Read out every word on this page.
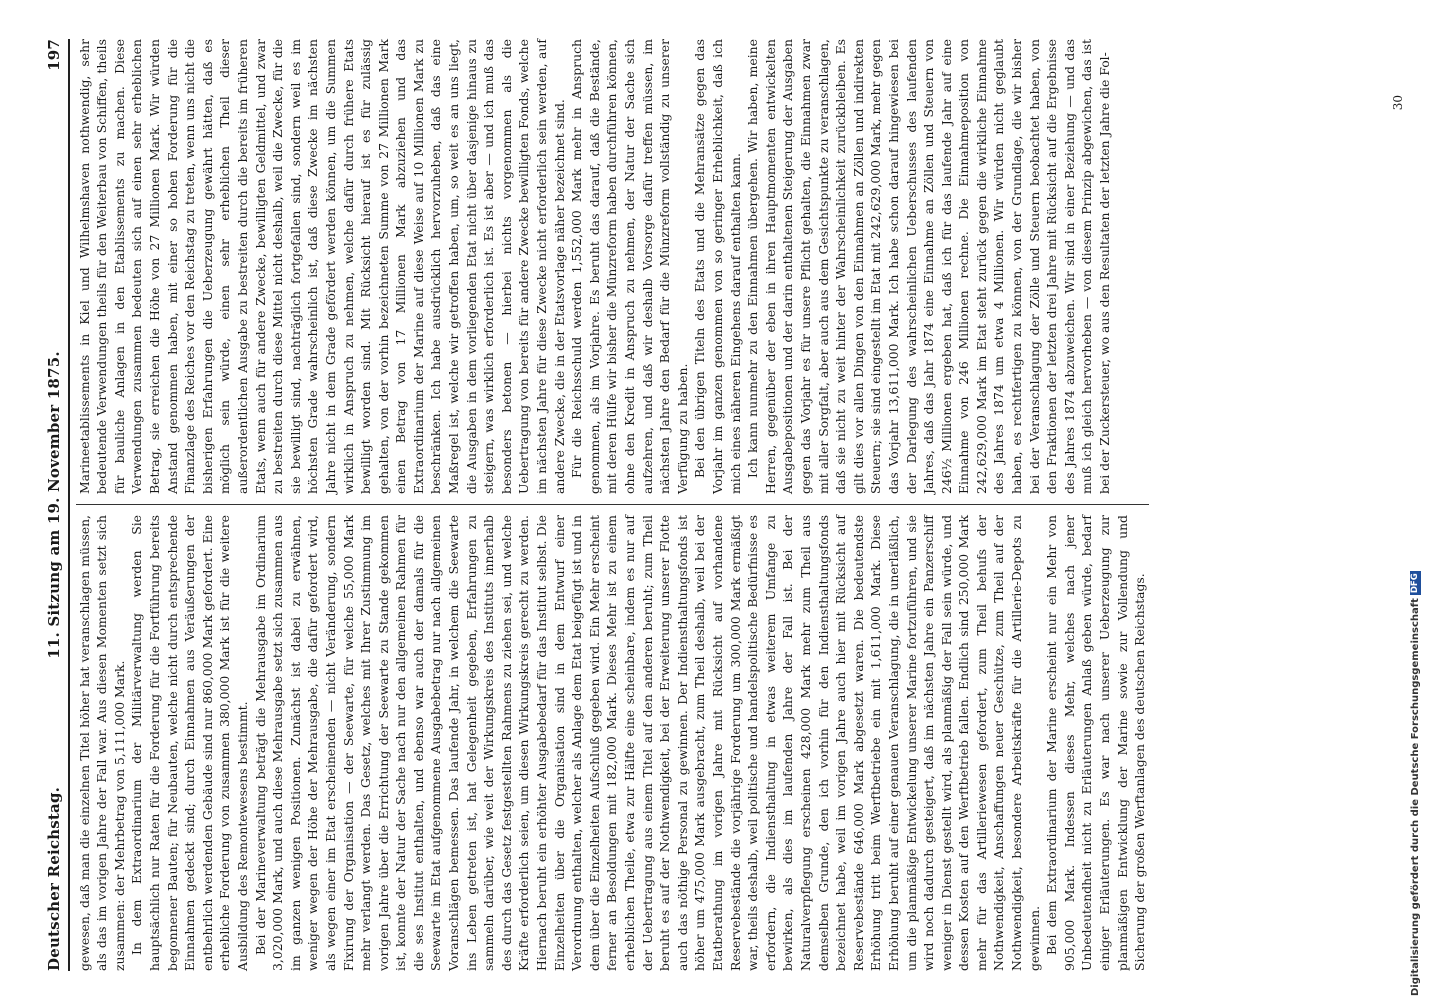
Deutscher Reichstag.
11. Sitzung am 19. November 1875.
197

gewesen, daß man die einzelnen Titel höher hat veranschlagen müssen, als das im vorigen Jahre der Fall war. Aus diesen Momenten setzt sich zusammen: der Mehrbetrag von 5,111,000 Mark. In dem Extraordinarium der Militärverwaltung werden Sie hauptsächlich nur Raten für die Forderung für die Fortführung bereits begonnener Bauten; für Neubauten, welche nicht durch entsprechende Einnahmen gedeckt sind; durch Einnahmen aus Veräußerungen der entbehrlich werdenden Gebäude sind nur 860,000 Mark gefordert. Eine erhebliche Forderung von zusammen 380,000 Mark ist für die weitere Ausbildung des Remontewesens bestimmt. Bei der Marineverwaltung beträgt die Mehrausgabe im Ordinarium 3,020,000 Mark, und auch diese Mehrausgabe setzt sich zusammen aus im ganzen wenigen Positionen. Zunächst ist dabei zu erwähnen, weniger wegen der Höhe der Mehrausgabe, die dafür gefordert wird, als wegen einer im Etat erscheinenden — nicht Veränderung, sondern Fixirung der Organisation — der Seewarte, für welche 55,000 Mark mehr verlangt werden. Das Gesetz, welches mit Ihrer Zustimmung im vorigen Jahre über die Errichtung der Seewarte zu Stande gekommen ist, konnte der Natur der Sache nach nur den allgemeinen Rahmen für die ses Institut enthalten, und ebenso war auch der damals für die Seewarte im Etat aufgenommene Ausgabebetrag nur nach allgemeinen Voranschlägen bemessen. Das laufende Jahr, in welchem die Seewarte ins Leben getreten ist, hat Gelegenheit gegeben, Erfahrungen zu sammeln darüber, wie weit der Wirkungskreis des Instituts innerhalb des durch das Gesetz festgestellten Rahmens zu ziehen sei, und welche Kräfte erforderlich seien, um diesen Wirkungskreis gerecht zu werden. Hiernach beruht ein erhöhter Ausgabebedarf für das Institut selbst. Die Einzelheiten über die Organisation sind in dem Entwurf einer Verordnung enthalten, welcher als Anlage dem Etat beigefügt ist und in dem über die Einzelheiten Aufschluß gegeben wird. Ein Mehr erscheint ferner an Besoldungen mit 182,000 Mark. Dieses Mehr ist zu einem erheblichen Theile, etwa zur Hälfte eine scheinbare, indem es nur auf der Uebertragung aus einem Titel auf den anderen beruht; zum Theil beruht es auf der Nothwendigkeit, bei der Erweiterung unserer Flotte auch das nöthige Personal zu gewinnen. Der Indiensthaltungsfonds ist höher um 475,000 Mark ausgebracht, zum Theil deshalb, weil bei der Etatberathung im vorigen Jahre mit Rücksicht auf vorhandene Reservebestände die vorjährige Forderung um 300,000 Mark ermäßigt war, theils deshalb, weil politische und handelspolitische Bedürfnisse es erfordern, die Indiensthaltung in etwas weiterem Umfange zu bewirken, als dies im laufenden Jahre der Fall ist. Bei der Naturalverpflegung erscheinen 428,000 Mark mehr zum Theil aus demselben Grunde, den ich vorhin für den Indiensthaltungsfonds bezeichnet habe, weil im vorigen Jahre auch hier mit Rücksicht auf Reservebestände 646,000 Mark abgesetzt waren. Die bedeutendste Erhöhung tritt beim Werftbetriebe ein mit 1,611,000 Mark. Diese Erhöhung beruht auf einer genauen Veranschlagung, die in unerläßlich, um die planmäßige Entwickelung unserer Marine fortzuführen, und sie wird noch dadurch gesteigert, daß im nächsten Jahre ein Panzerschiff weniger in Dienst gestellt wird, als planmäßig der Fall sein würde, und dessen Kosten auf den Werftbetrieb fallen. Endlich sind 250,000 Mark mehr für das Artilleriewesen gefordert, zum Theil behufs der Nothwendigkeit, Anschaffungen neuer Geschütze, zum Theil auf der Nothwendigkeit, besondere Arbeitskräfte für die Artillerie-Depots zu gewinnen. Bei dem Extraordinarium der Marine erscheint nur ein Mehr von 905,000 Mark. Indessen dieses Mehr, welches nach jener Unbedeutendheit nicht zu Erläuterungen Anlaß geben würde, bedarf einiger Erläuterungen. Es war nach unserer Ueberzeugung zur planmäßigen Entwicklung der Marine sowie zur Vollendung und Sicherung der großen Werftanlagen des deutschen Reichstags.

Marineetablissements in Kiel und Wilhelmshaven nothwendig, sehr bedeutende Verwendungen theils für den Weiterbau von Schiffen, theils für bauliche Anlagen in den Etablissements zu machen. Diese Verwendungen zusammen bedeuten sich auf einen sehr erheblichen Betrag, sie erreichen die Höhe von 27 Millionen Mark. Wir würden Anstand genommen haben, mit einer so hohen Forderung für die Finanzlage des Reiches vor den Reichstag zu treten, wenn uns nicht die bisherigen Erfahrungen die Ueberzeugung gewährt hätten, daß es möglich sein würde, einen sehr erheblichen Theil dieser außerordentlichen Ausgabe zu bestreiten durch die bereits im früheren Etats, wenn auch für andere Zwecke, bewilligten Geldmittel, und zwar zu bestreiten durch diese Mittel nicht deshalb, weil die Zwecke, für die sie bewilligt sind, nachträglich fortgefallen sind, sondern weil es im höchsten Grade wahrscheinlich ist, daß diese Zwecke im nächsten Jahre nicht in dem Grade gefördert werden können, um die Summen wirklich in Anspruch zu nehmen, welche dafür durch frühere Etats bewilligt worden sind. Mit Rücksicht hierauf ist es für zulässig gehalten, von der vorhin bezeichneten Summe von 27 Millionen Mark einen Betrag von 17 Millionen Mark abzuziehen und das Extraordinarium der Marine auf diese Weise auf 10 Millionen Mark zu beschränken. Ich habe ausdrücklich hervorzuheben, daß das eine Maßregel ist, welche wir getroffen haben, um, so weit es an uns liegt, die Ausgaben in dem vorliegenden Etat nicht über dasjenige hinaus zu steigern, was wirklich erforderlich ist. Es ist aber — und ich muß das besonders betonen — hierbei nichts vorgenommen als die Uebertragung von bereits für andere Zwecke bewilligten Fonds, welche im nächsten Jahre für diese Zwecke nicht erforderlich sein werden, auf andere Zwecke, die in der Etatsvorlage näher bezeichnet sind. Für die Reichsschuld werden 1,552,000 Mark mehr in Anspruch genommen, als im Vorjahre. Es beruht das darauf, daß die Bestände, mit deren Hülfe wir bisher die Münzreform haben durchführen können, ohne den Kredit in Anspruch zu nehmen, der Natur der Sache sich aufzehren, und daß wir deshalb Vorsorge dafür treffen müssen, im nächsten Jahre den Bedarf für die Münzreform vollständig zu unserer Verfügung zu haben. Bei den übrigen Titeln des Etats und die Mehransätze gegen das Vorjahr im ganzen genommen von so geringer Erheblichkeit, daß ich mich eines näheren Eingehens darauf enthalten kann. Ich kann nunmehr zu den Einnahmen übergehen. Wir haben, meine Herren, gegenüber der eben in ihren Hauptmomenten entwickelten Ausgabepositionen und der darin enthaltenen Steigerung der Ausgaben gegen das Vorjahr es für unsere Pflicht gehalten, die Einnahmen zwar mit aller Sorgfalt, aber auch aus dem Gesichtspunkte zu veranschlagen, daß sie nicht zu weit hinter der Wahrscheinlichkeit zurückbleiben. Es gilt dies vor allen Dingen von den Einnahmen an Zöllen und indirekten Steuern; sie sind eingestellt im Etat mit 242,629,000 Mark, mehr gegen das Vorjahr 13,611,000 Mark. Ich habe schon darauf hingewiesen bei der Darlegung des wahrscheinlichen Ueberschusses des laufenden Jahres, daß das Jahr 1874 eine Einnahme an Zöllen und Steuern von 246½ Millionen ergeben hat, daß ich für das laufende Jahr auf eine Einnahme von 246 Millionen rechne. Die Einnahmeposition von 242,629,000 Mark im Etat steht zurück gegen die wirkliche Einnahme des Jahres 1874 um etwa 4 Millionen. Wir würden nicht geglaubt haben, es rechtfertigen zu können, von der Grundlage, die wir bisher bei der Veranschlagung der Zölle und Steuern beobachtet haben, von den Fraktionen der letzten drei Jahre mit Rücksicht auf die Ergebnisse des Jahres 1874 abzuweichen. Wir sind in einer Beziehung — und das muß ich gleich hervorheben — von diesem Prinzip abgewichen, das ist bei der Zuckersteuer, wo aus den Resultaten der letzten Jahre die Fol-	30
Digitalisierung gefördert durch die Deutsche Forschungsgemeinschaft
DFG
